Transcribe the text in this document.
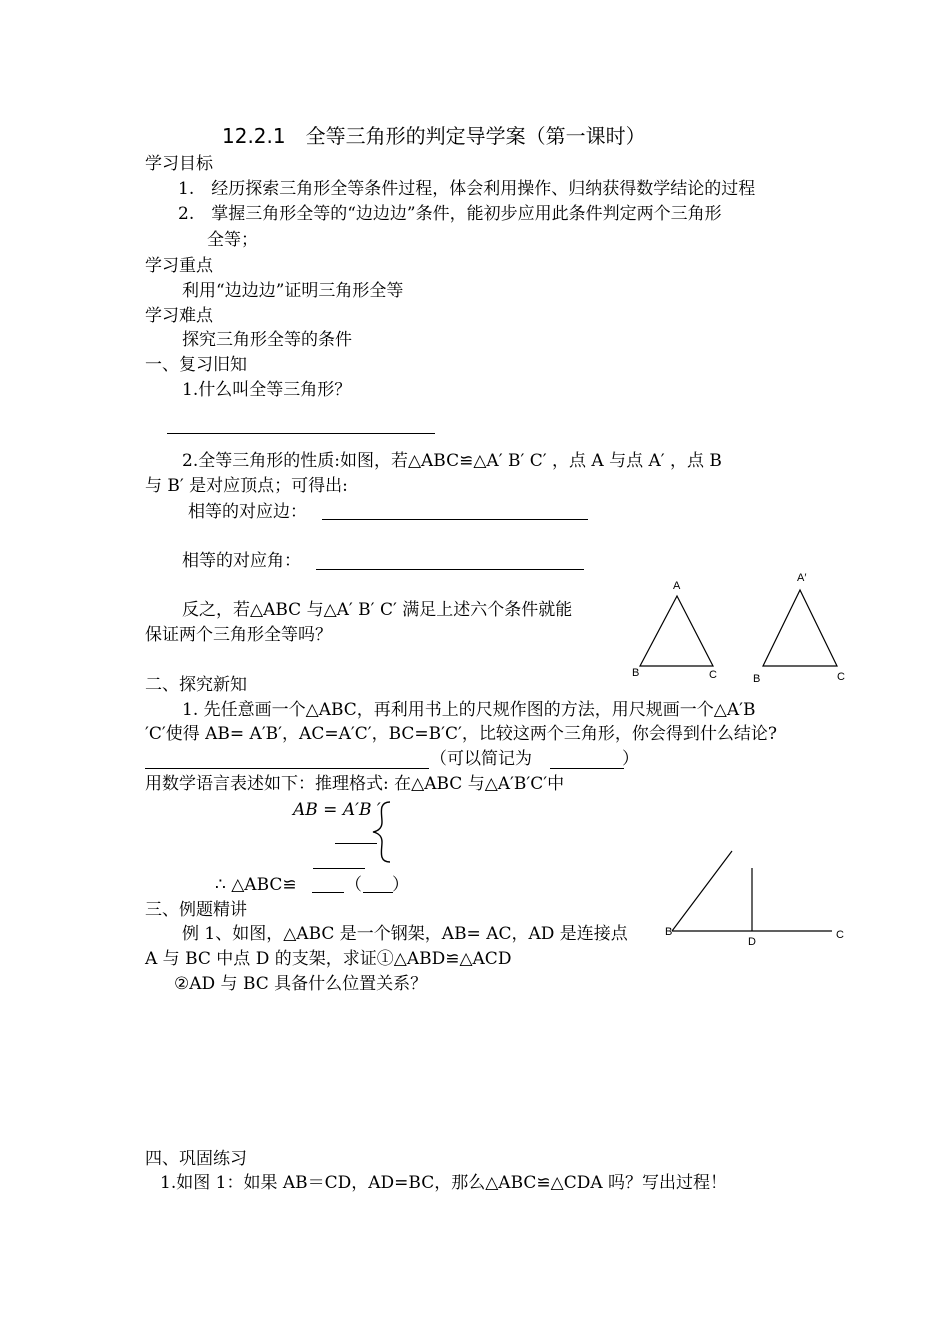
12.2.1　全等三角形的判定导学案（第一课时）
学习目标
1.　经历探索三角形全等条件过程，体会利用操作、归纳获得数学结论的过程
2.　掌握三角形全等的“边边边”条件，能初步应用此条件判定两个三角形
全等；
学习重点
利用“边边边”证明三角形全等
学习难点
探究三角形全等的条件
一、复习旧知
1.什么叫全等三角形？
2.全等三角形的性质:如图，若△ABC≌△A′ B′ C′ ，点 A 与点 A′ ，点 B
与 B′ 是对应顶点；可得出:
相等的对应边：
相等的对应角：
反之，若△ABC 与△A′ B′ C′ 满足上述六个条件就能
保证两个三角形全等吗？
A
B	C
A′
B	C
二、探究新知
1. 先任意画一个△ABC，再利用书上的尺规作图的方法，用尺规画一个△A′B
′C′使得 AB= A′B′，AC=A′C′，BC=B′C′，比较这两个三角形，你会得到什么结论?
（可以简记为	）
用数学语言表述如下：推理格式: 在△ABC 与△A′B′C′中
AB = A′B ′
∴ △ABC≌	（ ）
B
D
C
三、例题精讲
例 1、如图，△ABC 是一个钢架，AB= AC，AD 是连接点
A 与 BC 中点 D 的支架，求证①△ABD≌△ACD
②AD 与 BC 具备什么位置关系？
四、巩固练习
1.如图 1：如果 AB＝CD，AD=BC，那么△ABC≌△CDA 吗？写出过程！
